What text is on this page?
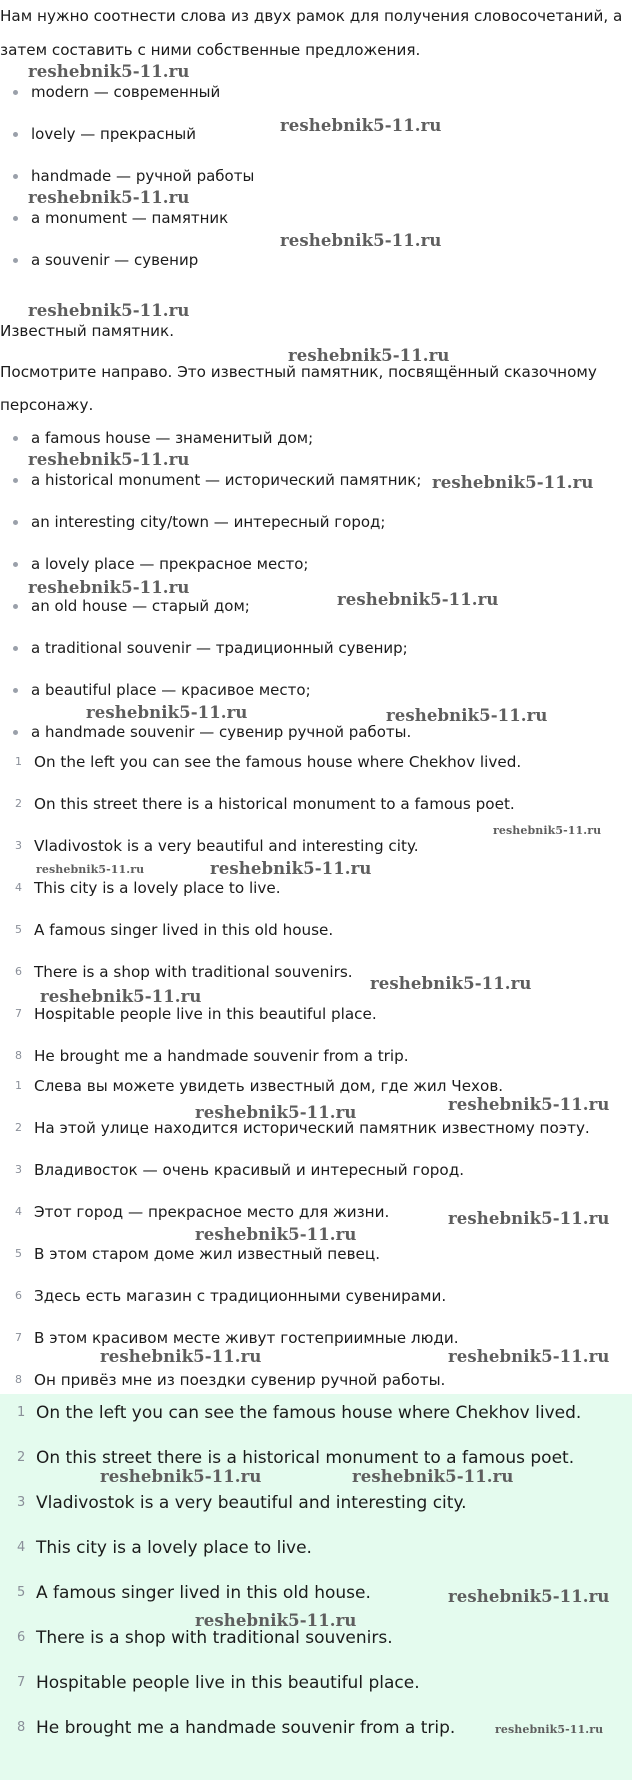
Нам нужно соотнести слова из двух рамок для получения словосочетаний, а

затем составить с ними собственные предложения.

modern — современный
lovely — прекрасный
handmade — ручной работы
a monument — памятник
a souvenir — сувенир

Известный памятник.

Посмотрите направо. Это известный памятник, посвящённый сказочному

персонажу.

a famous house — знаменитый дом;
a historical monument — исторический памятник;
an interesting city/town — интересный город;
a lovely place — прекрасное место;
an old house — старый дом;
a traditional souvenir — традиционный сувенир;
a beautiful place — красивое место;
a handmade souvenir — сувенир ручной работы.
1 On the left you can see the famous house where Chekhov lived.
2 On this street there is a historical monument to a famous poet.
3 Vladivostok is a very beautiful and interesting city.
4 This city is a lovely place to live.
5 A famous singer lived in this old house.
6 There is a shop with traditional souvenirs.
7 Hospitable people live in this beautiful place.
8 He brought me a handmade souvenir from a trip.
1 Слева вы можете увидеть известный дом, где жил Чехов.
2 На этой улице находится исторический памятник известному поэту.
3 Владивосток — очень красивый и интересный город.
4 Этот город — прекрасное место для жизни.
5 В этом старом доме жил известный певец.
6 Здесь есть магазин с традиционными сувенирами.
7 В этом красивом месте живут гостеприимные люди.
8 Он привёз мне из поездки сувенир ручной работы.
1 On the left you can see the famous house where Chekhov lived.
2 On this street there is a historical monument to a famous poet.
3 Vladivostok is a very beautiful and interesting city.
4 This city is a lovely place to live.
5 A famous singer lived in this old house.
6 There is a shop with traditional souvenirs.
7 Hospitable people live in this beautiful place.
8 He brought me a handmade souvenir from a trip.
reshebnik5-11.ru
reshebnik5-11.ru
reshebnik5-11.ru
reshebnik5-11.ru
reshebnik5-11.ru
reshebnik5-11.ru
reshebnik5-11.ru
reshebnik5-11.ru
reshebnik5-11.ru
reshebnik5-11.ru
reshebnik5-11.ru	reshebnik5-11.ru
reshebnik5-11.ru
reshebnik5-11.ru	reshebnik5-11.ru
reshebnik5-11.ru
reshebnik5-11.ru
reshebnik5-11.ru	reshebnik5-11.ru
reshebnik5-11.ru
reshebnik5-11.ru
reshebnik5-11.ru	reshebnik5-11.ru
reshebnik5-11.ru	reshebnik5-11.ru
reshebnik5-11.ru
reshebnik5-11.ru
reshebnik5-11.ru
